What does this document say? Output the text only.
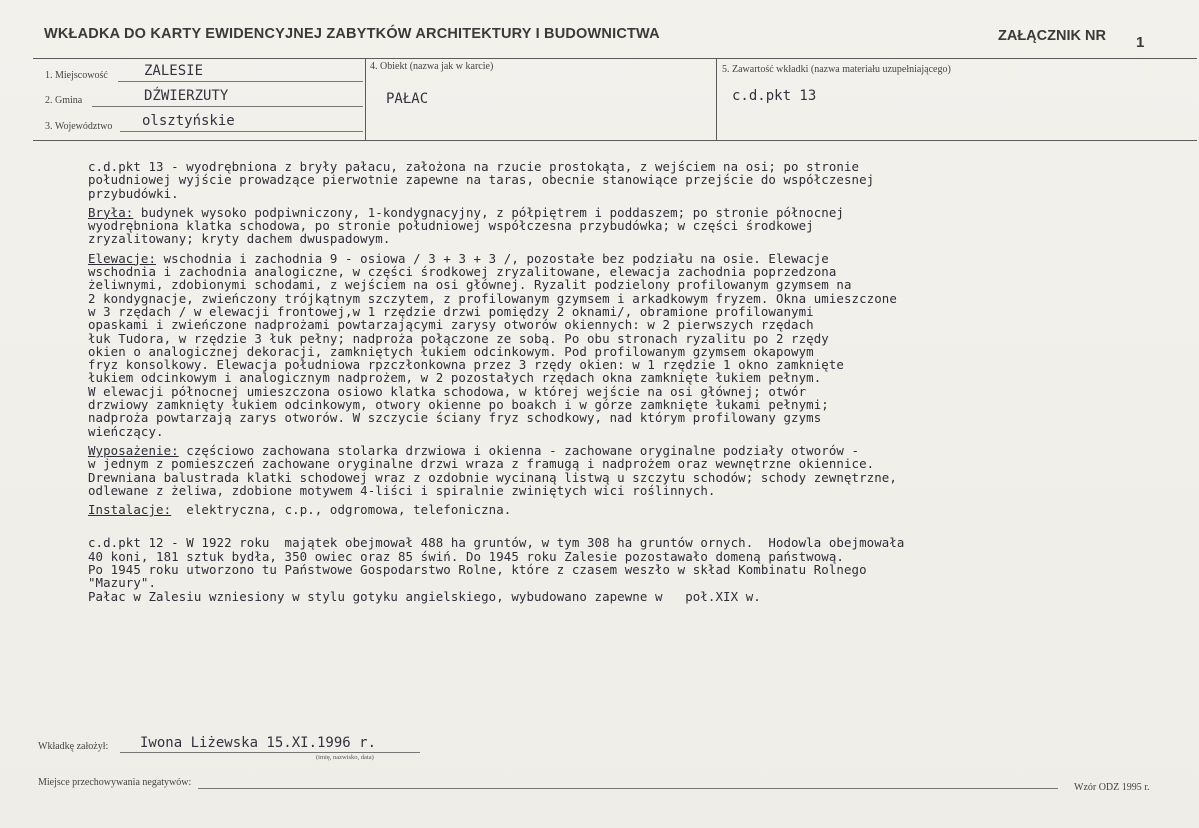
WKŁADKA DO KARTY EWIDENCYJNEJ ZABYTKÓW ARCHITEKTURY I BUDOWNICTWA	ZAŁĄCZNIK NR 1
1. Miejscowość	ZALESIE
2. Gmina	DŹWIERZUTY
3. Województwo olsztyńskie
4. Obiekt (nazwa jak w karcie)
PAŁAC
5. Zawartość wkładki (nazwa materiału uzupełniającego)
c.d.pkt 13

c.d.pkt 13 - wyodrębniona z bryły pałacu, założona na rzucie prostokąta, z wejściem na osi; po stronie
południowej wyjście prowadzące pierwotnie zapewne na taras, obecnie stanowiące przejście do współczesnej
przybudówki.

Bryła: budynek wysoko podpiwniczony, 1-kondygnacyjny, z półpiętrem i poddaszem; po stronie północnej
wyodrębniona klatka schodowa, po stronie południowej współczesna przybudówka; w części środkowej
zryzalitowany; kryty dachem dwuspadowym.

Elewacje: wschodnia i zachodnia 9 - osiowa / 3 + 3 + 3 /, pozostałe bez podziału na osie. Elewacje
wschodnia i zachodnia analogiczne, w części środkowej zryzalitowane, elewacja zachodnia poprzedzona
żeliwnymi, zdobionymi schodami, z wejściem na osi głównej. Ryzalit podzielony profilowanym gzymsem na
2 kondygnacje, zwieńczony trójkątnym szczytem, z profilowanym gzymsem i arkadkowym fryzem. Okna umieszczone
w 3 rzędach / w elewacji frontowej,w 1 rzędzie drzwi pomiędzy 2 oknami/, obramione profilowanymi
opaskami i zwieńczone nadprożami powtarzającymi zarysy otworów okiennych: w 2 pierwszych rzędach
łuk Tudora, w rzędzie 3 łuk pełny; nadproża połączone ze sobą. Po obu stronach ryzalitu po 2 rzędy
okien o analogicznej dekoracji, zamkniętych łukiem odcinkowym. Pod profilowanym gzymsem okapowym
fryz konsolkowy. Elewacja południowa rpzczłonkowna przez 3 rzędy okien: w 1 rzędzie 1 okno zamknięte
łukiem odcinkowym i analogicznym nadprożem, w 2 pozostałych rzędach okna zamknięte łukiem pełnym.
W elewacji północnej umieszczona osiowo klatka schodowa, w której wejście na osi głównej; otwór
drzwiowy zamknięty łukiem odcinkowym, otwory okienne po boakch i w górze zamknięte łukami pełnymi;
nadproża powtarzają zarys otworów. W szczycie ściany fryz schodkowy, nad którym profilowany gzyms
wieńczący.

Wyposażenie: częściowo zachowana stolarka drzwiowa i okienna - zachowane oryginalne podziały otworów -
w jednym z pomieszczeń zachowane oryginalne drzwi wraza z framugą i nadprożem oraz wewnętrzne okiennice.
Drewniana balustrada klatki schodowej wraz z ozdobnie wycinaną listwą u szczytu schodów; schody zewnętrzne,
odlewane z żeliwa, zdobione motywem 4-liści i spiralnie zwiniętych wici roślinnych.

Instalacje:  elektryczna, c.p., odgromowa, telefoniczna.

c.d.pkt 12 - W 1922 roku  majątek obejmował 488 ha gruntów, w tym 308 ha gruntów ornych.  Hodowla obejmowała
40 koni, 181 sztuk bydła, 350 owiec oraz 85 świń. Do 1945 roku Zalesie pozostawało domeną państwową.
Po 1945 roku utworzono tu Państwowe Gospodarstwo Rolne, które z czasem weszło w skład Kombinatu Rolnego
"Mazury".
Pałac w Zalesiu wzniesiony w stylu gotyku angielskiego, wybudowano zapewne w   poł.XIX w.

Wkładkę założył: Iwona Liżewska 15.XI.1996 r.
(imię, nazwisko, data)
Miejsce przechowywania negatywów:	Wzór ODZ 1995 r.
